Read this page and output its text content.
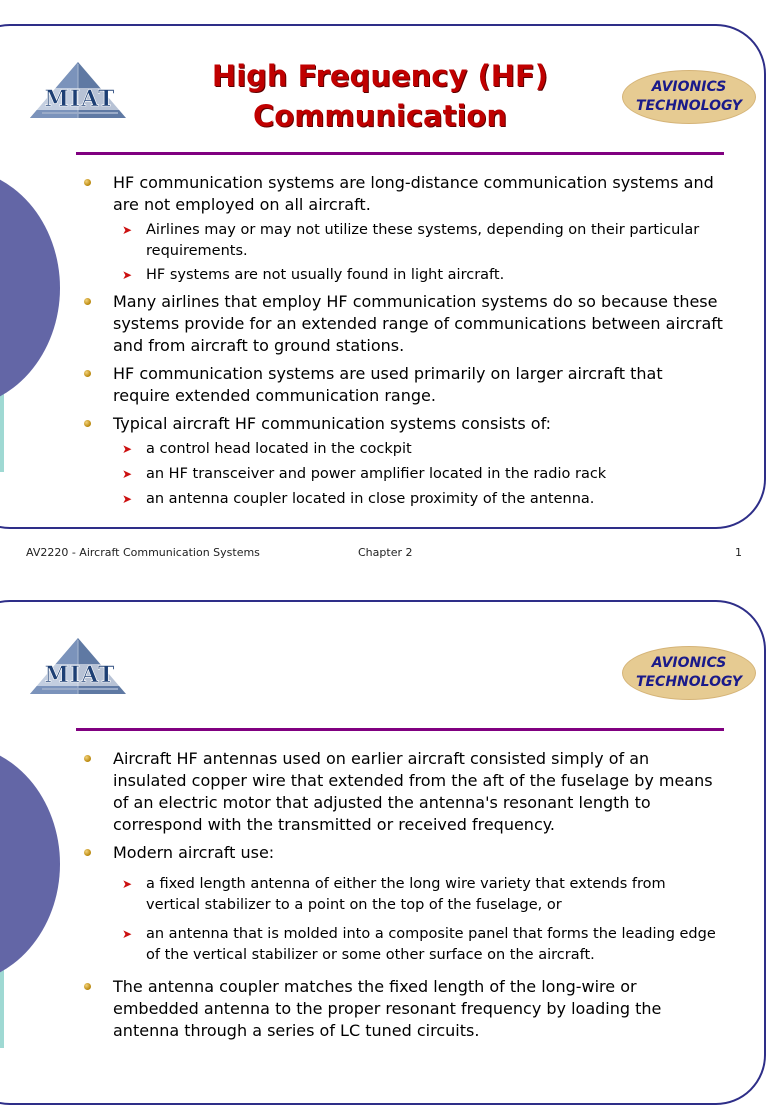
MIAT
High Frequency (HF)
Communication
AVIONICS
TECHNOLOGY
HF communication systems are long-distance communication systems and are not employed on all aircraft.
➤ Airlines may or may not utilize these systems, depending on their particular requirements.
➤ HF systems are not usually found in light aircraft.
Many airlines that employ HF communication systems do so because these systems provide for an extended range of communications between aircraft and from aircraft to ground stations.
HF communication systems are used primarily on larger aircraft that require extended communication range.
Typical aircraft HF communication systems consists of:
➤ a control head located in the cockpit
➤ an HF transceiver and power amplifier located in the radio rack
➤ an antenna coupler located in close proximity of the antenna.
AV2220 - Aircraft Communication Systems	Chapter 2	1
MIAT	AVIONICS
TECHNOLOGY
Aircraft HF antennas used on earlier aircraft consisted simply of an insulated copper wire that extended from the aft of the fuselage by means of an electric motor that adjusted the antenna's resonant length to correspond with the transmitted or received frequency.
Modern aircraft use:
➤ a fixed length antenna of either the long wire variety that extends from vertical stabilizer to a point on the top of the fuselage, or
➤ an antenna that is molded into a composite panel that forms the leading edge of the vertical stabilizer or some other surface on the aircraft.
The antenna coupler matches the fixed length of the long-wire or embedded antenna to the proper resonant frequency by loading the antenna through a series of LC tuned circuits.
